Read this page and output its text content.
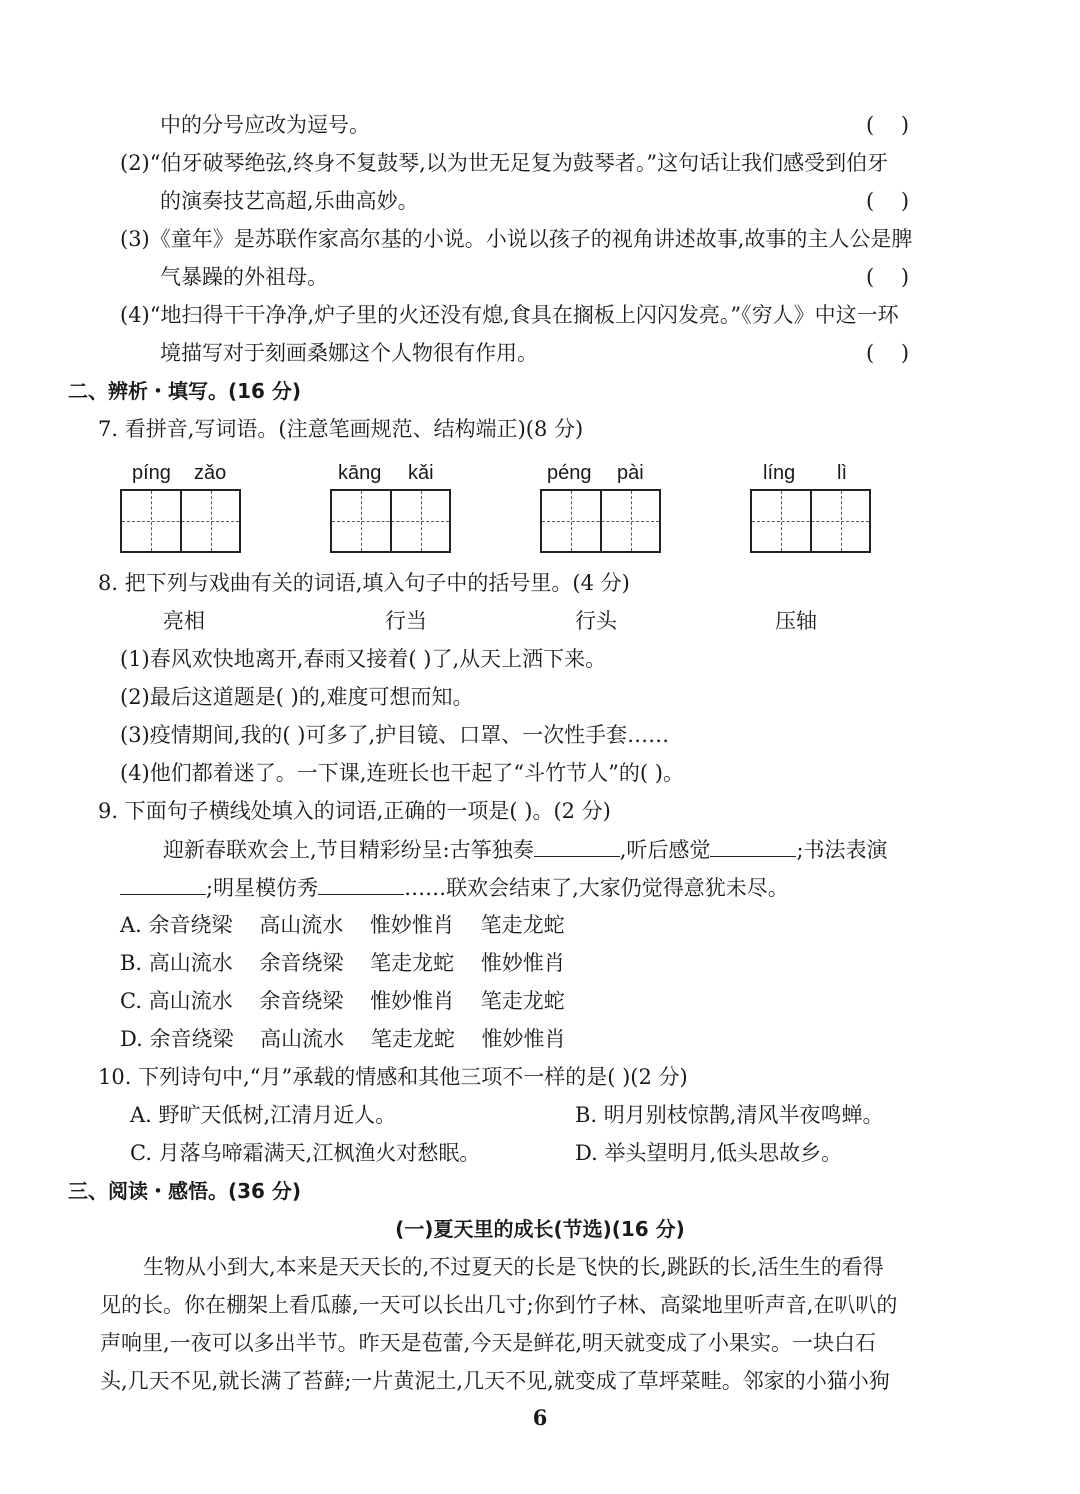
中的分号应改为逗号。	(    )
(2)“伯牙破琴绝弦,终身不复鼓琴,以为世无足复为鼓琴者。”这句话让我们感受到伯牙
的演奏技艺高超,乐曲高妙。	(    )
(3)《童年》是苏联作家高尔基的小说。小说以孩子的视角讲述故事,故事的主人公是脾
气暴躁的外祖母。	(    )
(4)“地扫得干干净净,炉子里的火还没有熄,食具在搁板上闪闪发亮。”《穷人》中这一环
境描写对于刻画桑娜这个人物很有作用。	(    )
二、辨析・填写。(16 分)
7. 看拼音,写词语。(注意笔画规范、结构端正)(8 分)
píng zǎo	kāng kǎi	péng pài	líng lì
8. 把下列与戏曲有关的词语,填入句子中的括号里。(4 分)
亮相	行当	行头	压轴
(1)春风欢快地离开,春雨又接着( )了,从天上洒下来。
(2)最后这道题是( )的,难度可想而知。
(3)疫情期间,我的( )可多了,护目镜、口罩、一次性手套……
(4)他们都着迷了。一下课,连班长也干起了“斗竹节人”的( )。
9. 下面句子横线处填入的词语,正确的一项是( )。(2 分)
迎新春联欢会上,节目精彩纷呈:古筝独奏	,听后感觉	;书法表演
;明星模仿秀	……联欢会结束了,大家仍觉得意犹未尽。
A. 余音绕梁    高山流水    惟妙惟肖    笔走龙蛇
B. 高山流水    余音绕梁    笔走龙蛇    惟妙惟肖
C. 高山流水    余音绕梁    惟妙惟肖    笔走龙蛇
D. 余音绕梁    高山流水    笔走龙蛇    惟妙惟肖
10. 下列诗句中,“月”承载的情感和其他三项不一样的是( )(2 分)
A. 野旷天低树,江清月近人。	B. 明月别枝惊鹊,清风半夜鸣蝉。
C. 月落乌啼霜满天,江枫渔火对愁眠。	D. 举头望明月,低头思故乡。
三、阅读・感悟。(36 分)
(一)夏天里的成长(节选)(16 分)
生物从小到大,本来是天天长的,不过夏天的长是飞快的长,跳跃的长,活生生的看得
见的长。你在棚架上看瓜藤,一天可以长出几寸;你到竹子林、高粱地里听声音,在叭叭的
声响里,一夜可以多出半节。昨天是苞蕾,今天是鲜花,明天就变成了小果实。一块白石
头,几天不见,就长满了苔藓;一片黄泥土,几天不见,就变成了草坪菜畦。邻家的小猫小狗
6
